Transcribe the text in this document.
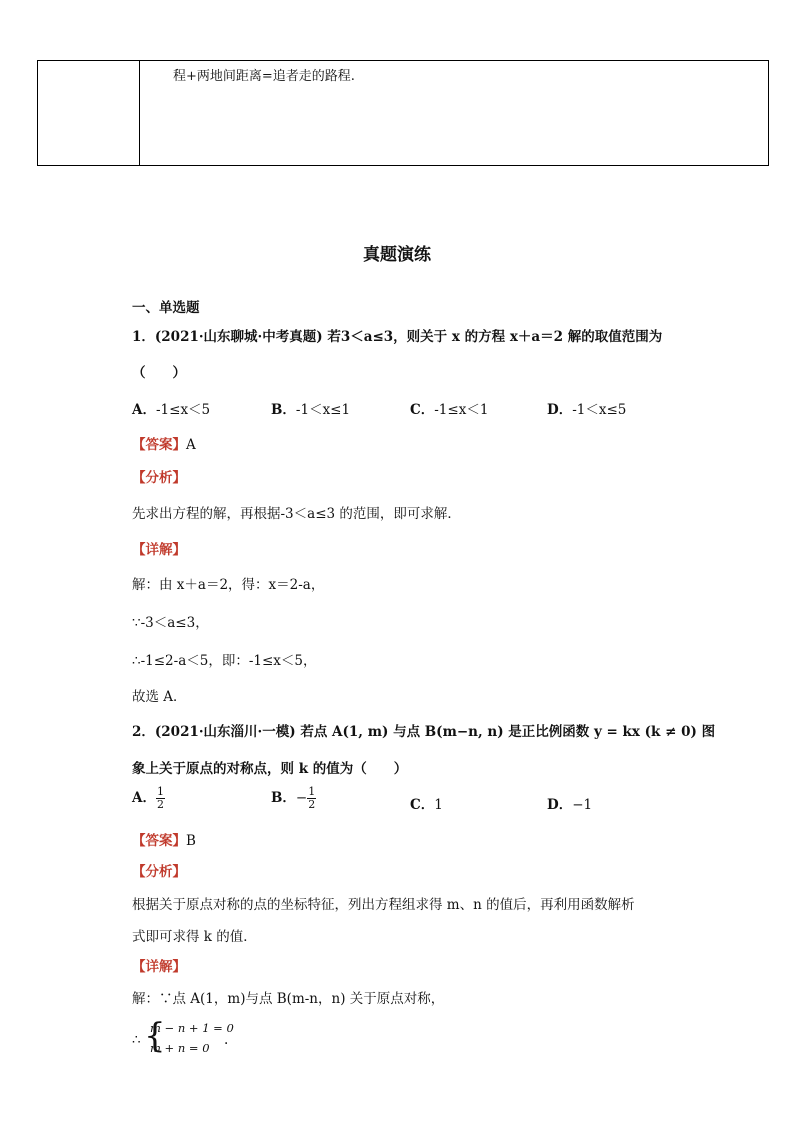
程+两地间距离=追者走的路程.
真题演练
一、单选题
1．(2021·山东聊城·中考真题) 若3＜a≤3，则关于 x 的方程 x＋a＝2 解的取值范围为
（　　）
A．-1≤x＜5	B．-1＜x≤1	C．-1≤x＜1	D．-1＜x≤5
【答案】A
【分析】
先求出方程的解，再根据-3＜a≤3 的范围，即可求解．
【详解】
解：由 x＋a＝2，得：x＝2-a，
∵-3＜a≤3，
∴-1≤2-a＜5，即：-1≤x＜5，
故选 A．
2．(2021·山东淄川·一模) 若点 A(1, m) 与点 B(m−n, n) 是正比例函数 y = kx (k ≠ 0) 图
象上关于原点的对称点，则 k 的值为（　　）
A． $\frac{1}{2}$	B．− $\frac{1}{2}$	C．1	D．−1
【答案】B
【分析】
根据关于原点对称的点的坐标特征，列出方程组求得 m、n 的值后，再利用函数解析
式即可求得 k 的值．
【详解】
解：∵点 A(1，m)与点 B(m-n，n) 关于原点对称，
∴ {
m − n + 1 = 0
m + n = 0 .
